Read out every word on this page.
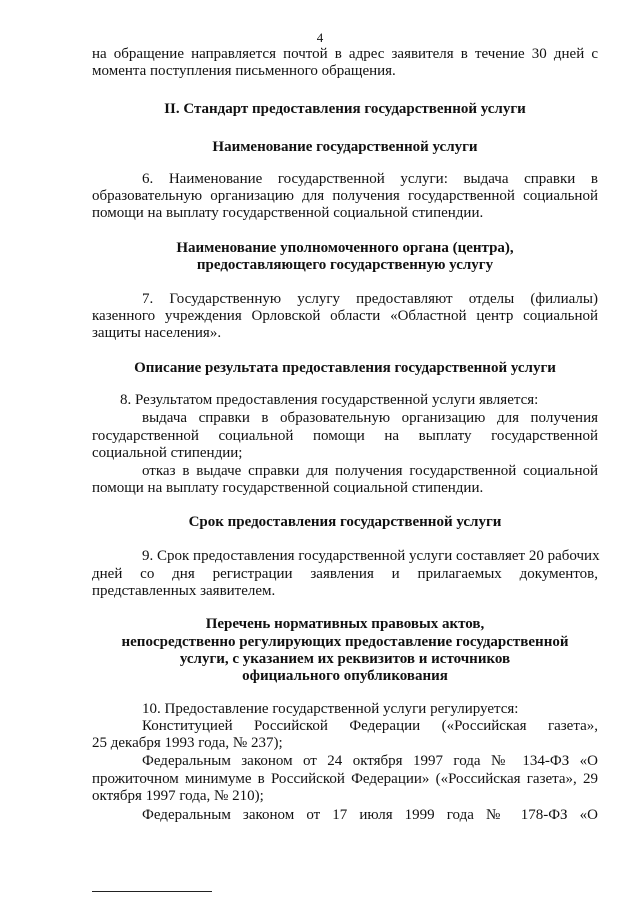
4
на обращение направляется почтой в адрес заявителя в течение 30 дней с
момента поступления письменного обращения.
II. Стандарт предоставления государственной услуги
Наименование государственной услуги
6. Наименование государственной услуги: выдача справки в
образовательную организацию для получения государственной социальной
помощи на выплату государственной социальной стипендии.
Наименование уполномоченного органа (центра),
предоставляющего государственную услугу
7. Государственную услугу предоставляют отделы (филиалы)
казенного учреждения Орловской области «Областной центр социальной
защиты населения».
Описание результата предоставления государственной услуги
8. Результатом предоставления государственной услуги является:
выдача справки в образовательную организацию для получения
государственной социальной помощи на выплату государственной
социальной стипендии;
отказ в выдаче справки для получения государственной социальной
помощи на выплату государственной социальной стипендии.
Срок предоставления государственной услуги
9. Срок предоставления государственной услуги составляет 20 рабочих
дней со дня регистрации заявления и прилагаемых документов,
представленных заявителем.
Перечень нормативных правовых актов,
непосредственно регулирующих предоставление государственной
услуги, с указанием их реквизитов и источников
официального опубликования
10. Предоставление государственной услуги регулируется:
Конституцией Российской Федерации («Российская газета»,
25 декабря 1993 года, № 237);
Федеральным законом от 24 октября 1997 года № 134-ФЗ «О
прожиточном минимуме в Российской Федерации» («Российская газета», 29
октября 1997 года, № 210);
Федеральным законом от 17 июля 1999 года № 178-ФЗ «О
